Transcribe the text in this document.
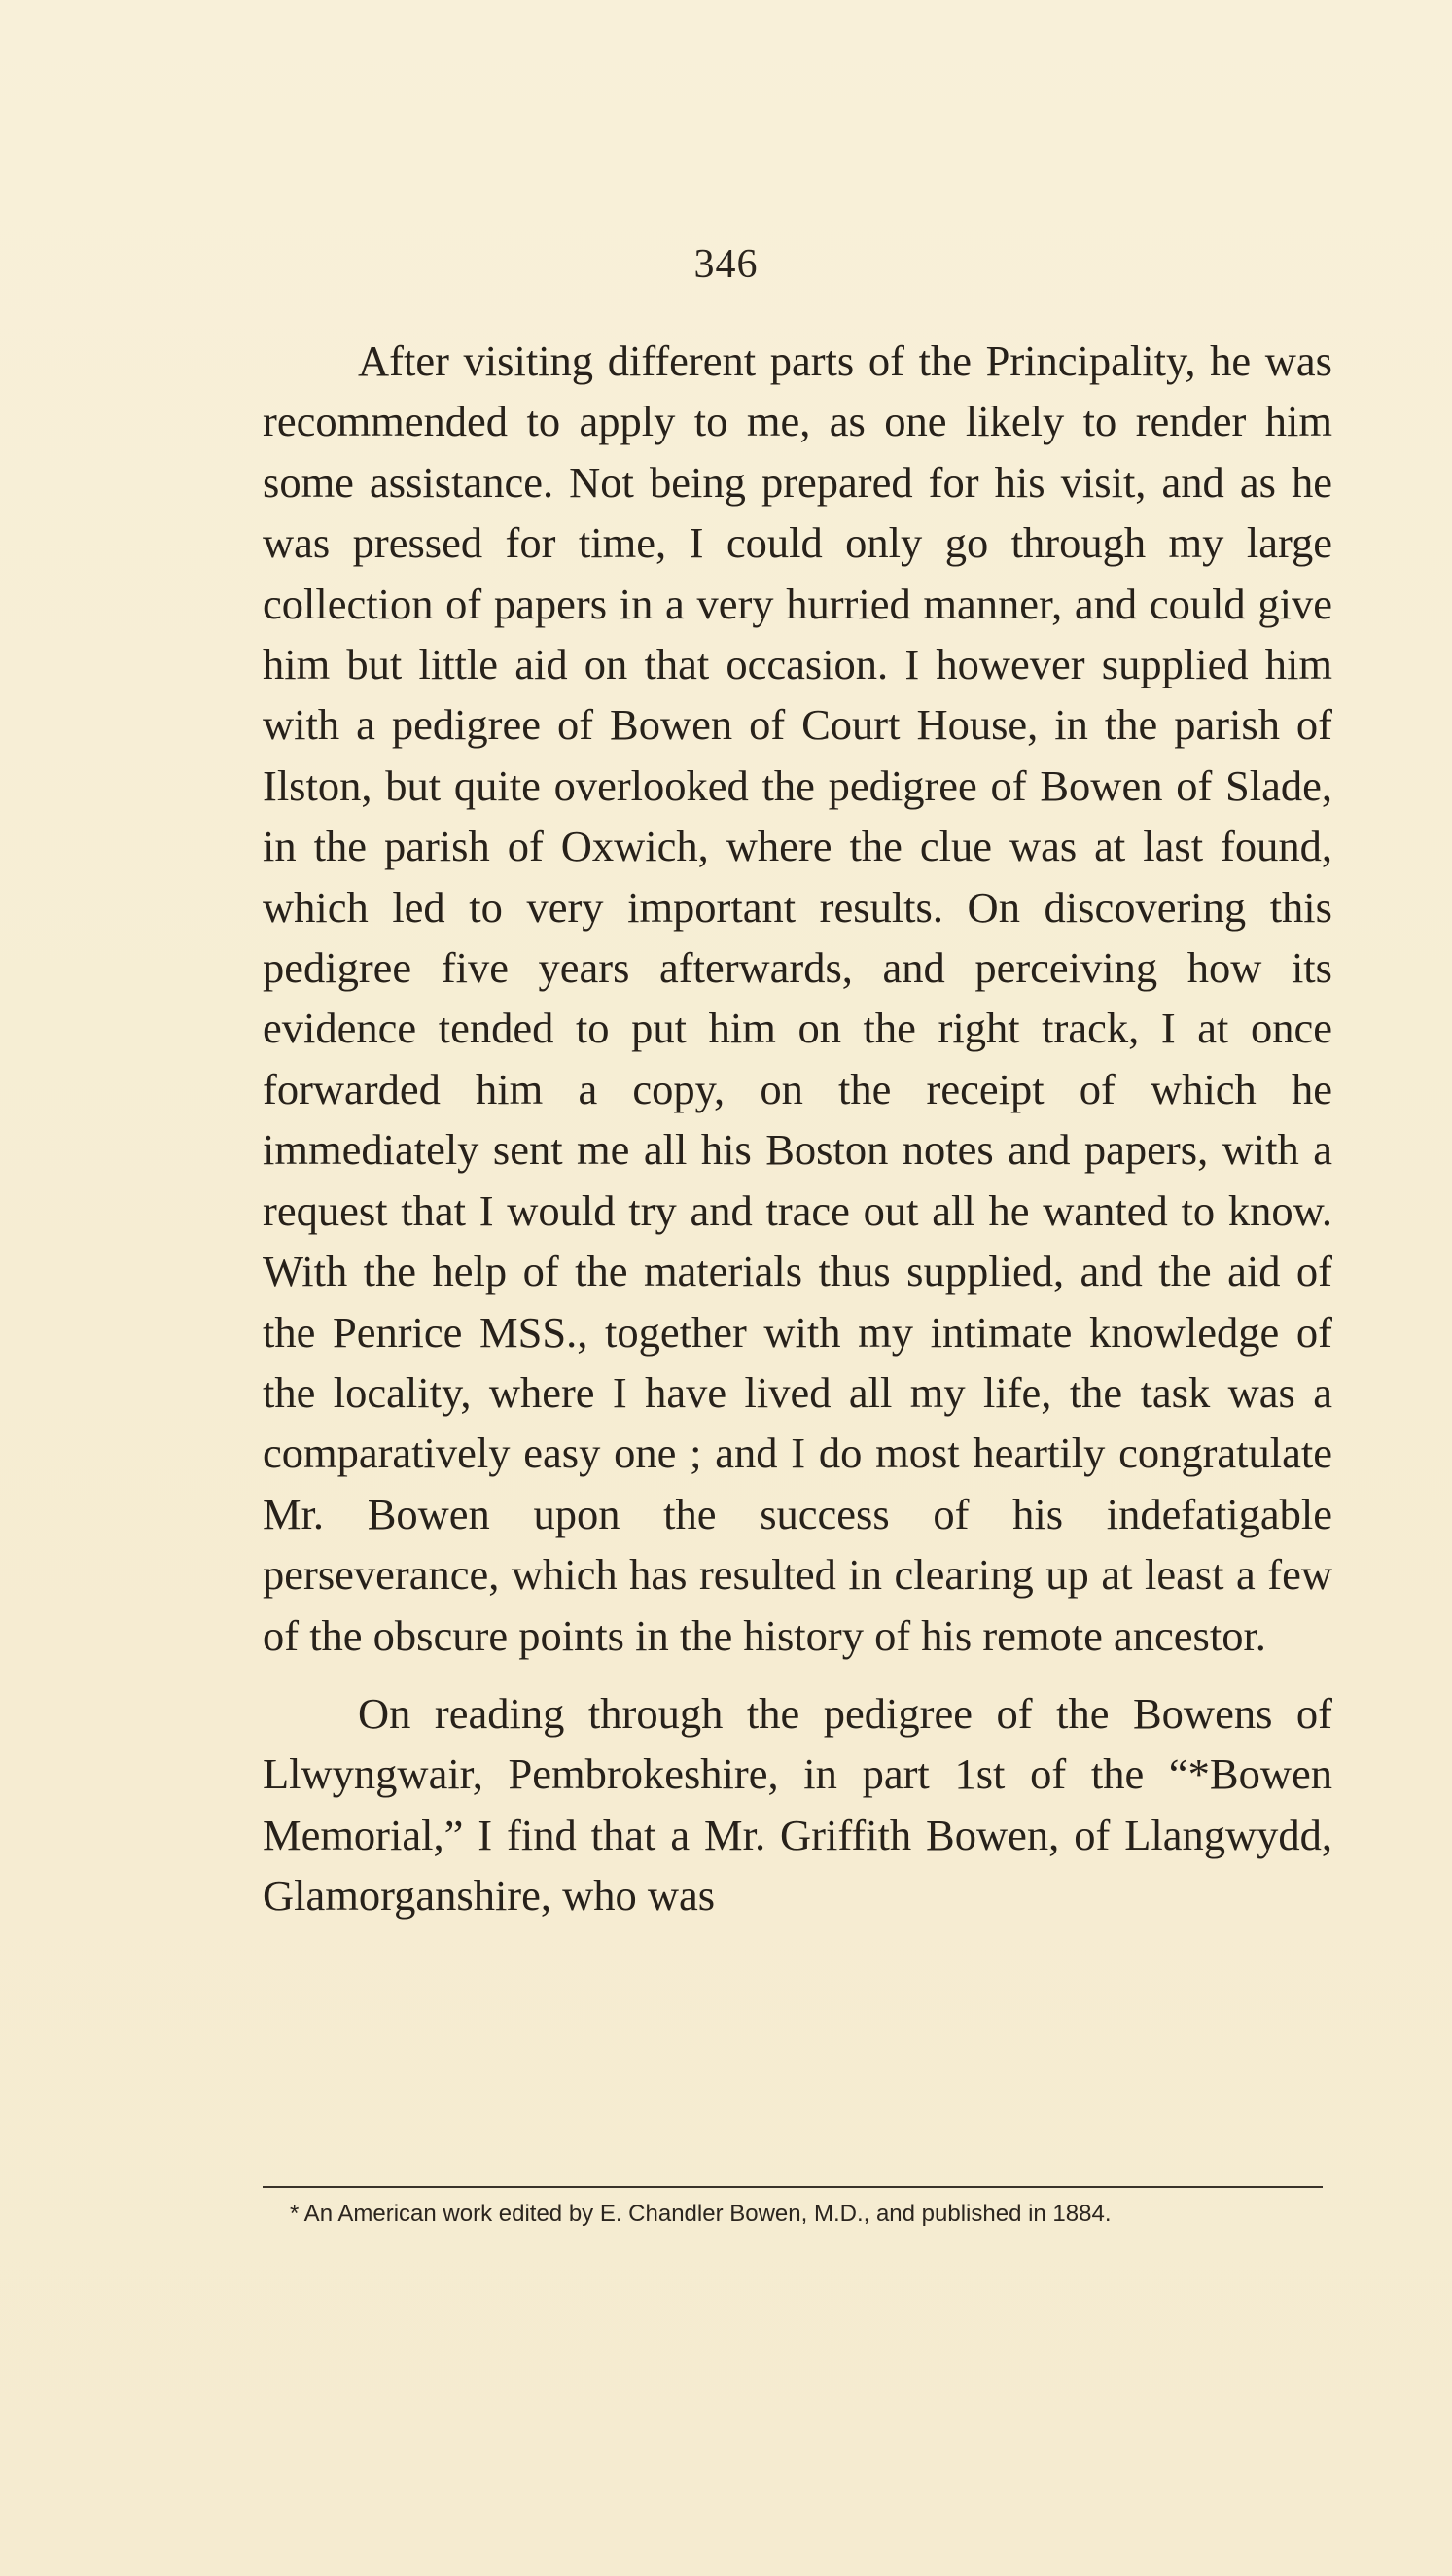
346

After visiting different parts of the Principality, he was recommended to apply to me, as one likely to render him some assistance. Not being prepared for his visit, and as he was pressed for time, I could only go through my large collection of papers in a very hurried manner, and could give him but little aid on that occasion. I however supplied him with a pedigree of Bowen of Court House, in the parish of Ilston, but quite overlooked the pedigree of Bowen of Slade, in the parish of Oxwich, where the clue was at last found, which led to very important results. On discovering this pedigree five years afterwards, and perceiving how its evidence tended to put him on the right track, I at once forwarded him a copy, on the receipt of which he immediately sent me all his Boston notes and papers, with a request that I would try and trace out all he wanted to know. With the help of the materials thus supplied, and the aid of the Penrice MSS., together with my intimate knowledge of the locality, where I have lived all my life, the task was a comparatively easy one ; and I do most heartily congratulate Mr. Bowen upon the success of his indefatigable perseverance, which has resulted in clearing up at least a few of the obscure points in the history of his remote ancestor.

On reading through the pedigree of the Bowens of Llwyngwair, Pembrokeshire, in part 1st of the “*Bowen Memorial,” I find that a Mr. Griffith Bowen, of Llangwydd, Glamorganshire, who was

* An American work edited by E. Chandler Bowen, M.D., and published in 1884.
